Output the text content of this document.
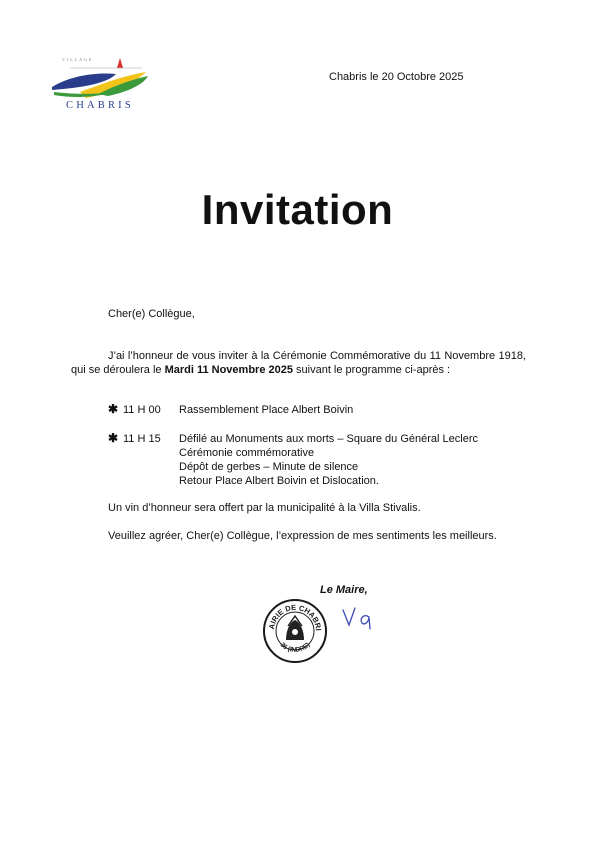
VILLAGE
CHABRIS
Chabris le 20 Octobre 2025
Invitation
Cher(e) Collègue,
J’ai l’honneur de vous inviter à la Cérémonie Commémorative du 11 Novembre 1918, qui se déroulera le Mardi 11 Novembre 2025 suivant le programme ci-après :
✱ 11 H 00 Rassemblement Place Albert Boivin
✱ 11 H 15 Défilé au Monuments aux morts – Square du Général Leclerc
Cérémonie commémorative
Dépôt de gerbes – Minute de silence
Retour Place Albert Boivin et Dislocation.
Un vin d’honneur sera offert par la municipalité à la Villa Stivalis.
Veuillez agréer, Cher(e) Collègue, l’expression de mes sentiments les meilleurs.
Le Maire,
AIRIE DE CHABRI
36 (INDRE)
